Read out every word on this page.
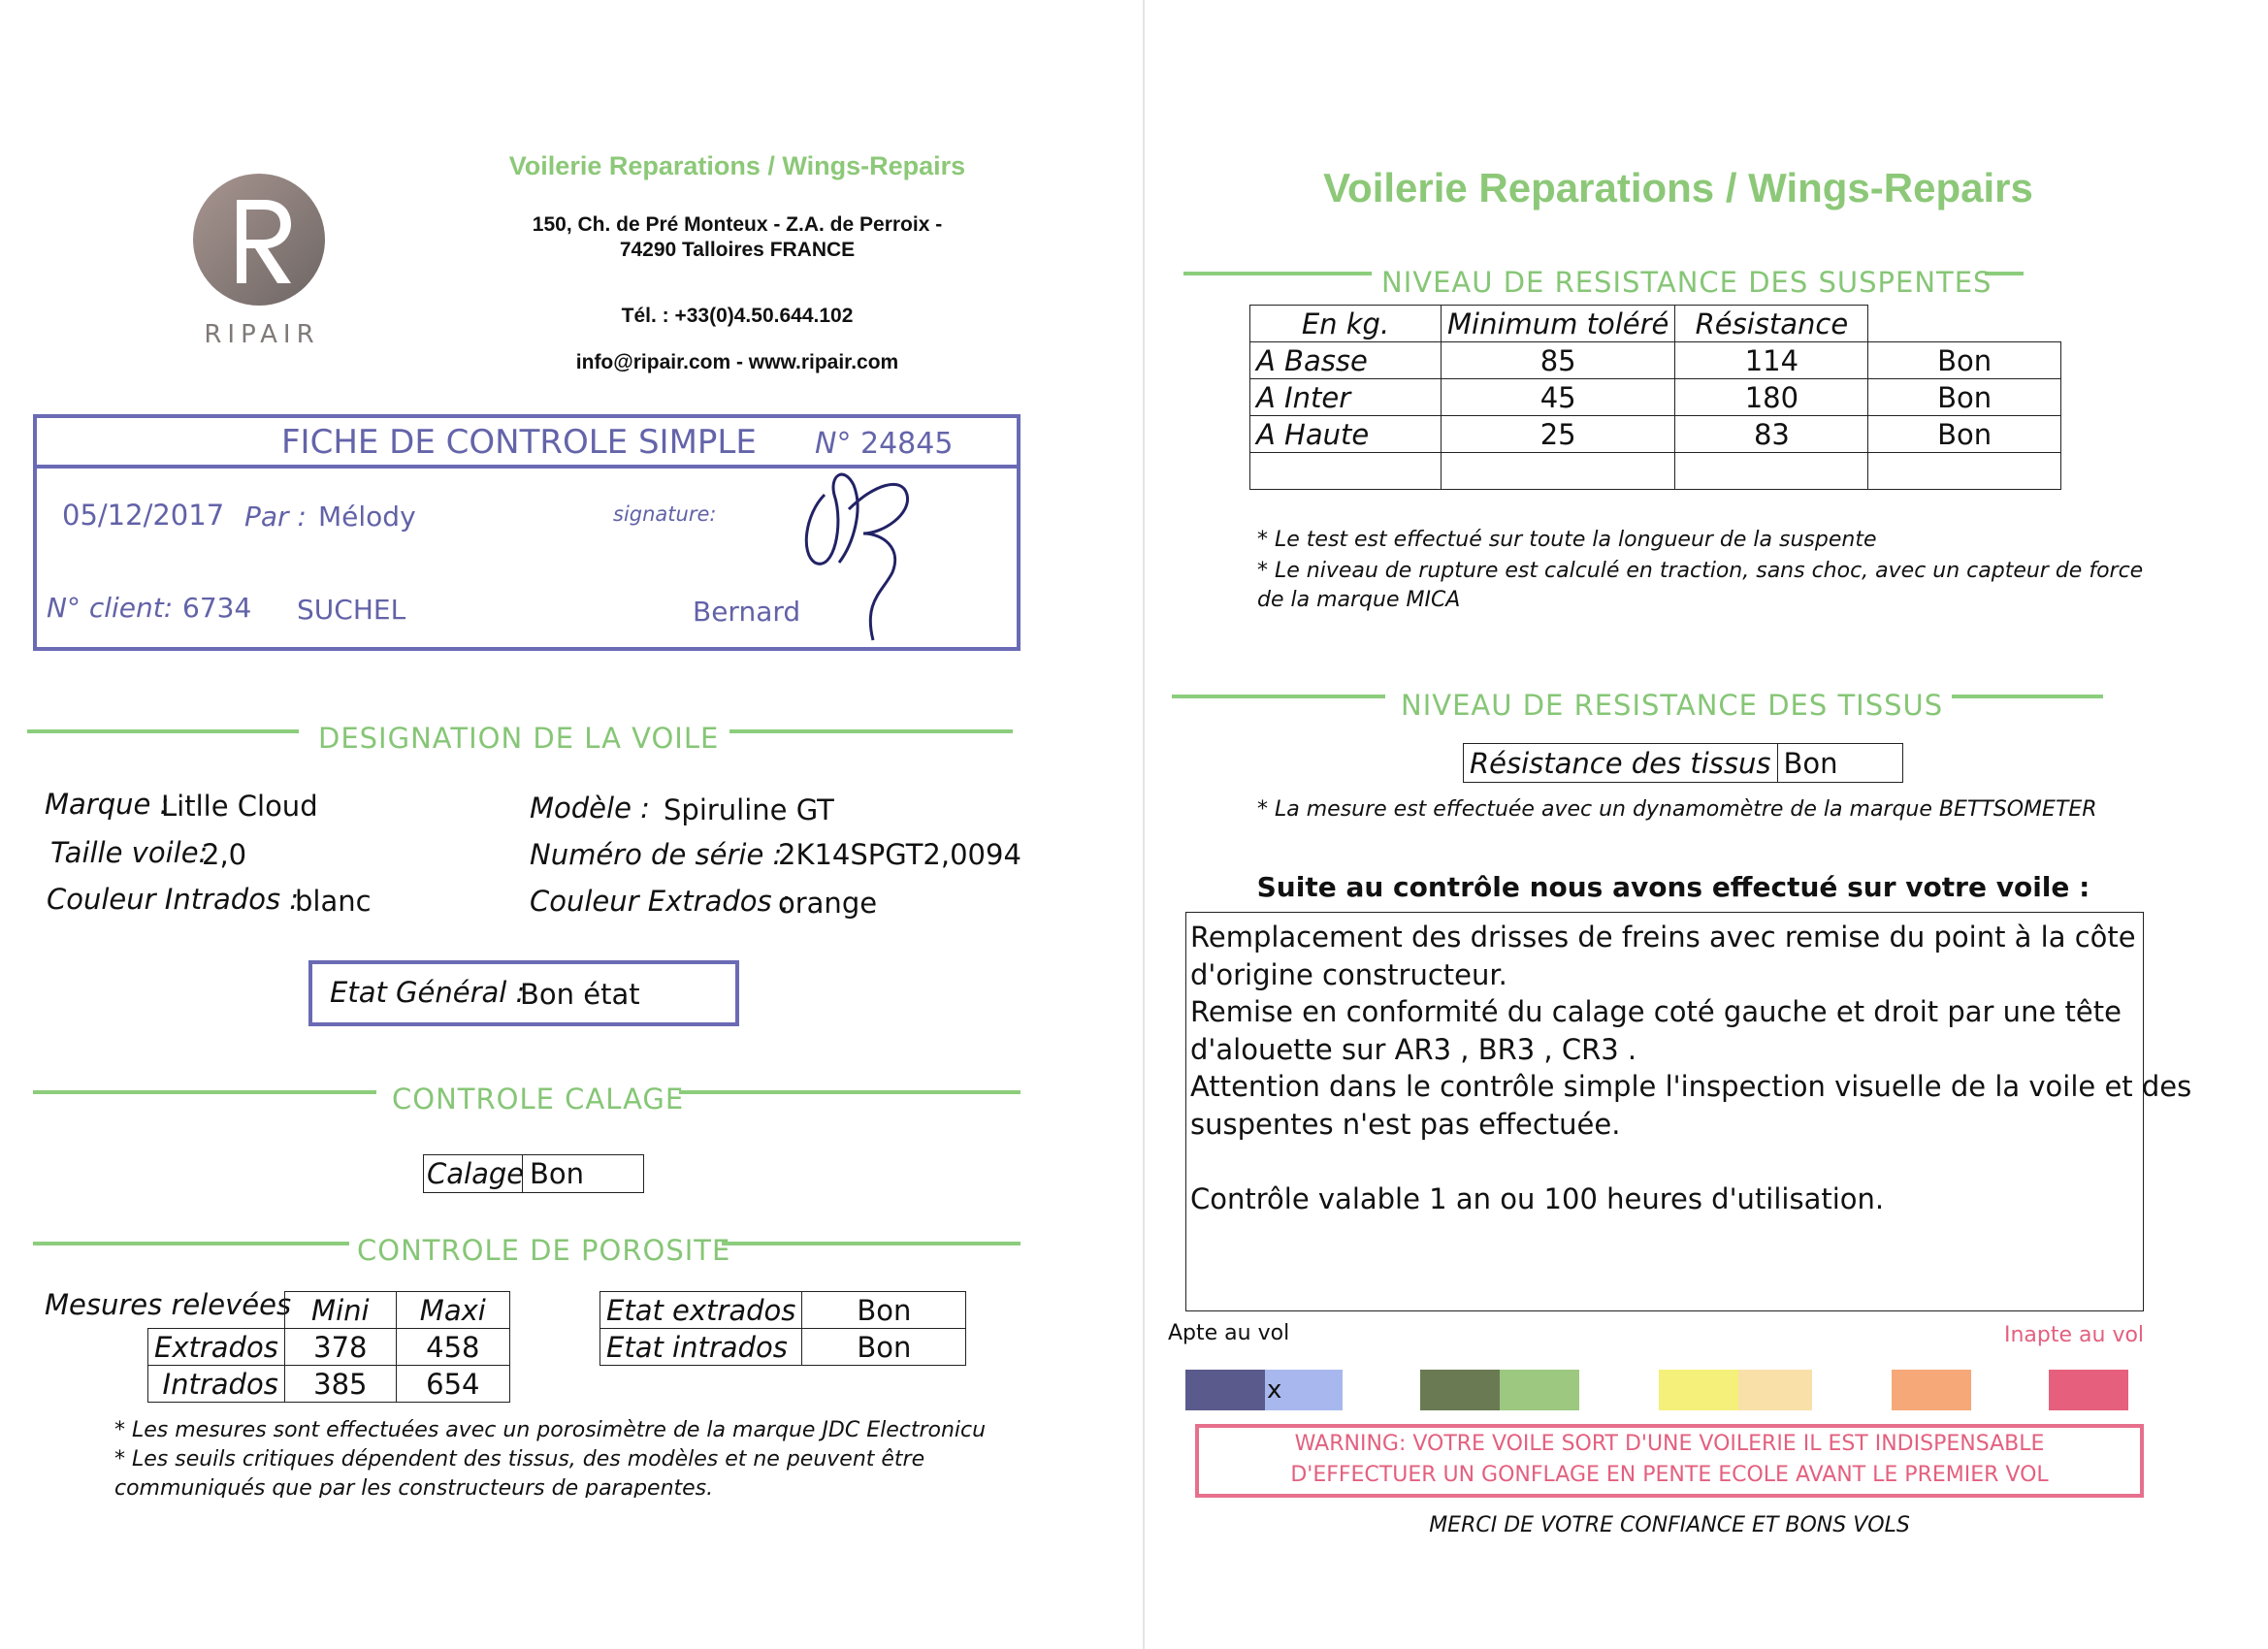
RIPAIR
Voilerie Reparations / Wings-Repairs
150, Ch. de Pré Monteux - Z.A. de Perroix -
74290 Talloires FRANCE
Tél. : +33(0)4.50.644.102
info@ripair.com - www.ripair.com
FICHE DE CONTROLE SIMPLE N° 24845
05/12/2017 Par : Mélody	signature:
N° client: 6734 SUCHEL	Bernard
DESIGNATION DE LA VOILE
Marque :
Litlle Cloud	Modèle : Spiruline GT
Taille voile:
2,0	Numéro de série :
2K14SPGT2,0094
Couleur Intrados :
blanc	Couleur Extrados :
orange
Etat Général :
Bon état
CONTROLE CALAGE
Calage Bon
CONTROLE DE POROSITE
Mesures relevées
	Mini	Maxi
Extrados	378	458
Intrados	385	654
Etat extrados	Bon
Etat intrados	Bon
* Les mesures sont effectuées avec un porosimètre de la marque JDC Electronicu
* Les seuils critiques dépendent des tissus, des modèles et ne peuvent être
communiqués que par les constructeurs de parapentes.
Voilerie Reparations / Wings-Repairs
NIVEAU DE RESISTANCE DES SUSPENTES
En kg.	Minimum toléré	Résistance	
A Basse	85	114	Bon
A Inter	45	180	Bon
A Haute	25	83	Bon

* Le test est effectué sur toute la longueur de la suspente
* Le niveau de rupture est calculé en traction, sans choc, avec un capteur de force
de la marque MICA
NIVEAU DE RESISTANCE DES TISSUS
Résistance des tissus	Bon
* La mesure est effectuée avec un dynamomètre de la marque BETTSOMETER
Suite au contrôle nous avons effectué sur votre voile :
Remplacement des drisses de freins avec remise du point à la côte
d'origine constructeur.
Remise en conformité du calage coté gauche et droit par une tête
d'alouette sur AR3 , BR3 , CR3 .
Attention dans le contrôle simple l'inspection visuelle de la voile et des
suspentes n'est pas effectuée.
Contrôle valable 1 an ou 100 heures d'utilisation.
Apte au vol	Inapte au vol
x
WARNING: VOTRE VOILE SORT D'UNE VOILERIE IL EST INDISPENSABLE
D'EFFECTUER UN GONFLAGE EN PENTE ECOLE AVANT LE PREMIER VOL
MERCI DE VOTRE CONFIANCE ET BONS VOLS
